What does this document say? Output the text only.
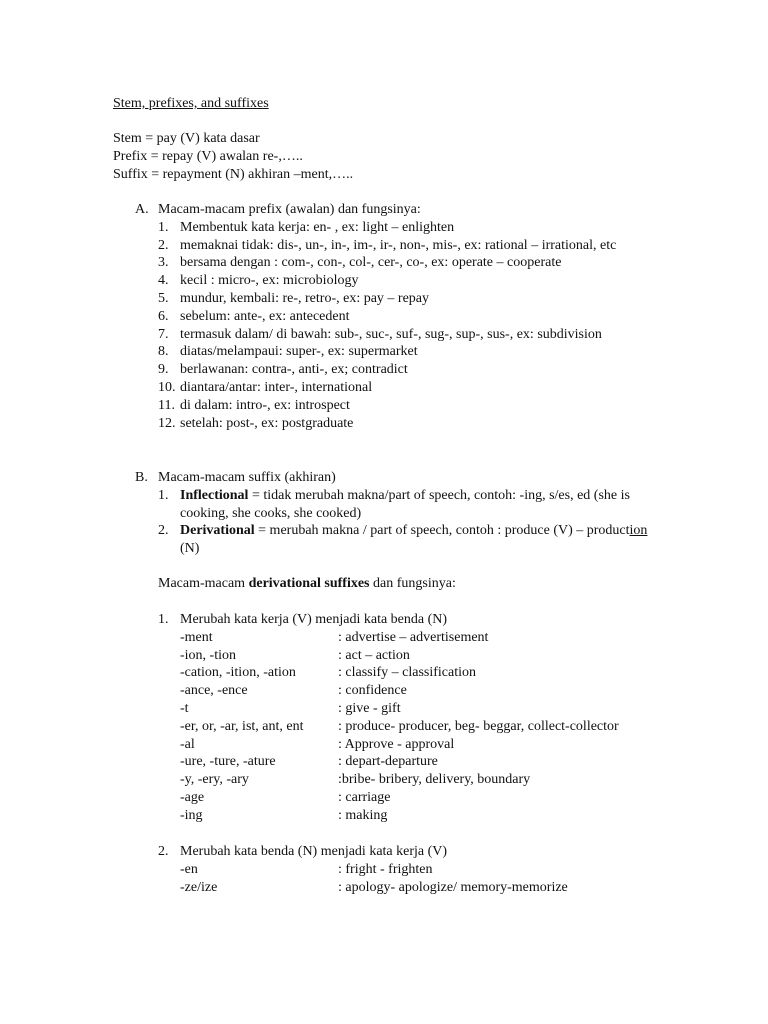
Stem, prefixes, and suffixes
Stem = pay (V) kata dasar
Prefix = repay (V) awalan re-,…..
Suffix = repayment (N) akhiran –ment,…..
A. Macam-macam prefix (awalan) dan fungsinya:
1. Membentuk kata kerja: en- , ex: light – enlighten
2. memaknai tidak: dis-, un-, in-, im-, ir-, non-, mis-, ex: rational – irrational, etc
3. bersama dengan : com-, con-, col-, cer-, co-, ex: operate – cooperate
4. kecil : micro-, ex: microbiology
5. mundur, kembali: re-, retro-, ex: pay – repay
6. sebelum: ante-, ex: antecedent
7. termasuk dalam/ di bawah: sub-, suc-, suf-, sug-, sup-, sus-, ex: subdivision
8. diatas/melampaui: super-, ex: supermarket
9. berlawanan: contra-, anti-, ex; contradict
10. diantara/antar: inter-, international
11. di dalam: intro-, ex: introspect
12. setelah: post-, ex: postgraduate
B. Macam-macam suffix (akhiran)
1. Inflectional = tidak merubah makna/part of speech, contoh: -ing, s/es, ed (she is cooking, she cooks, she cooked)
2. Derivational = merubah makna / part of speech, contoh : produce (V) – production (N)
Macam-macam derivational suffixes dan fungsinya:
1. Merubah kata kerja (V) menjadi kata benda (N)
-ment	: advertise – advertisement
-ion, -tion	: act – action
-cation, -ition, -ation	: classify – classification
-ance, -ence	: confidence
-t	: give - gift
-er, or, -ar, ist, ant, ent	: produce- producer, beg- beggar, collect-collector
-al	: Approve - approval
-ure, -ture, -ature	: depart-departure
-y, -ery, -ary	:bribe- bribery, delivery, boundary
-age	: carriage
-ing	: making
2. Merubah kata benda (N) menjadi kata kerja (V)
-en	: fright - frighten
-ze/ize	: apology- apologize/ memory-memorize
